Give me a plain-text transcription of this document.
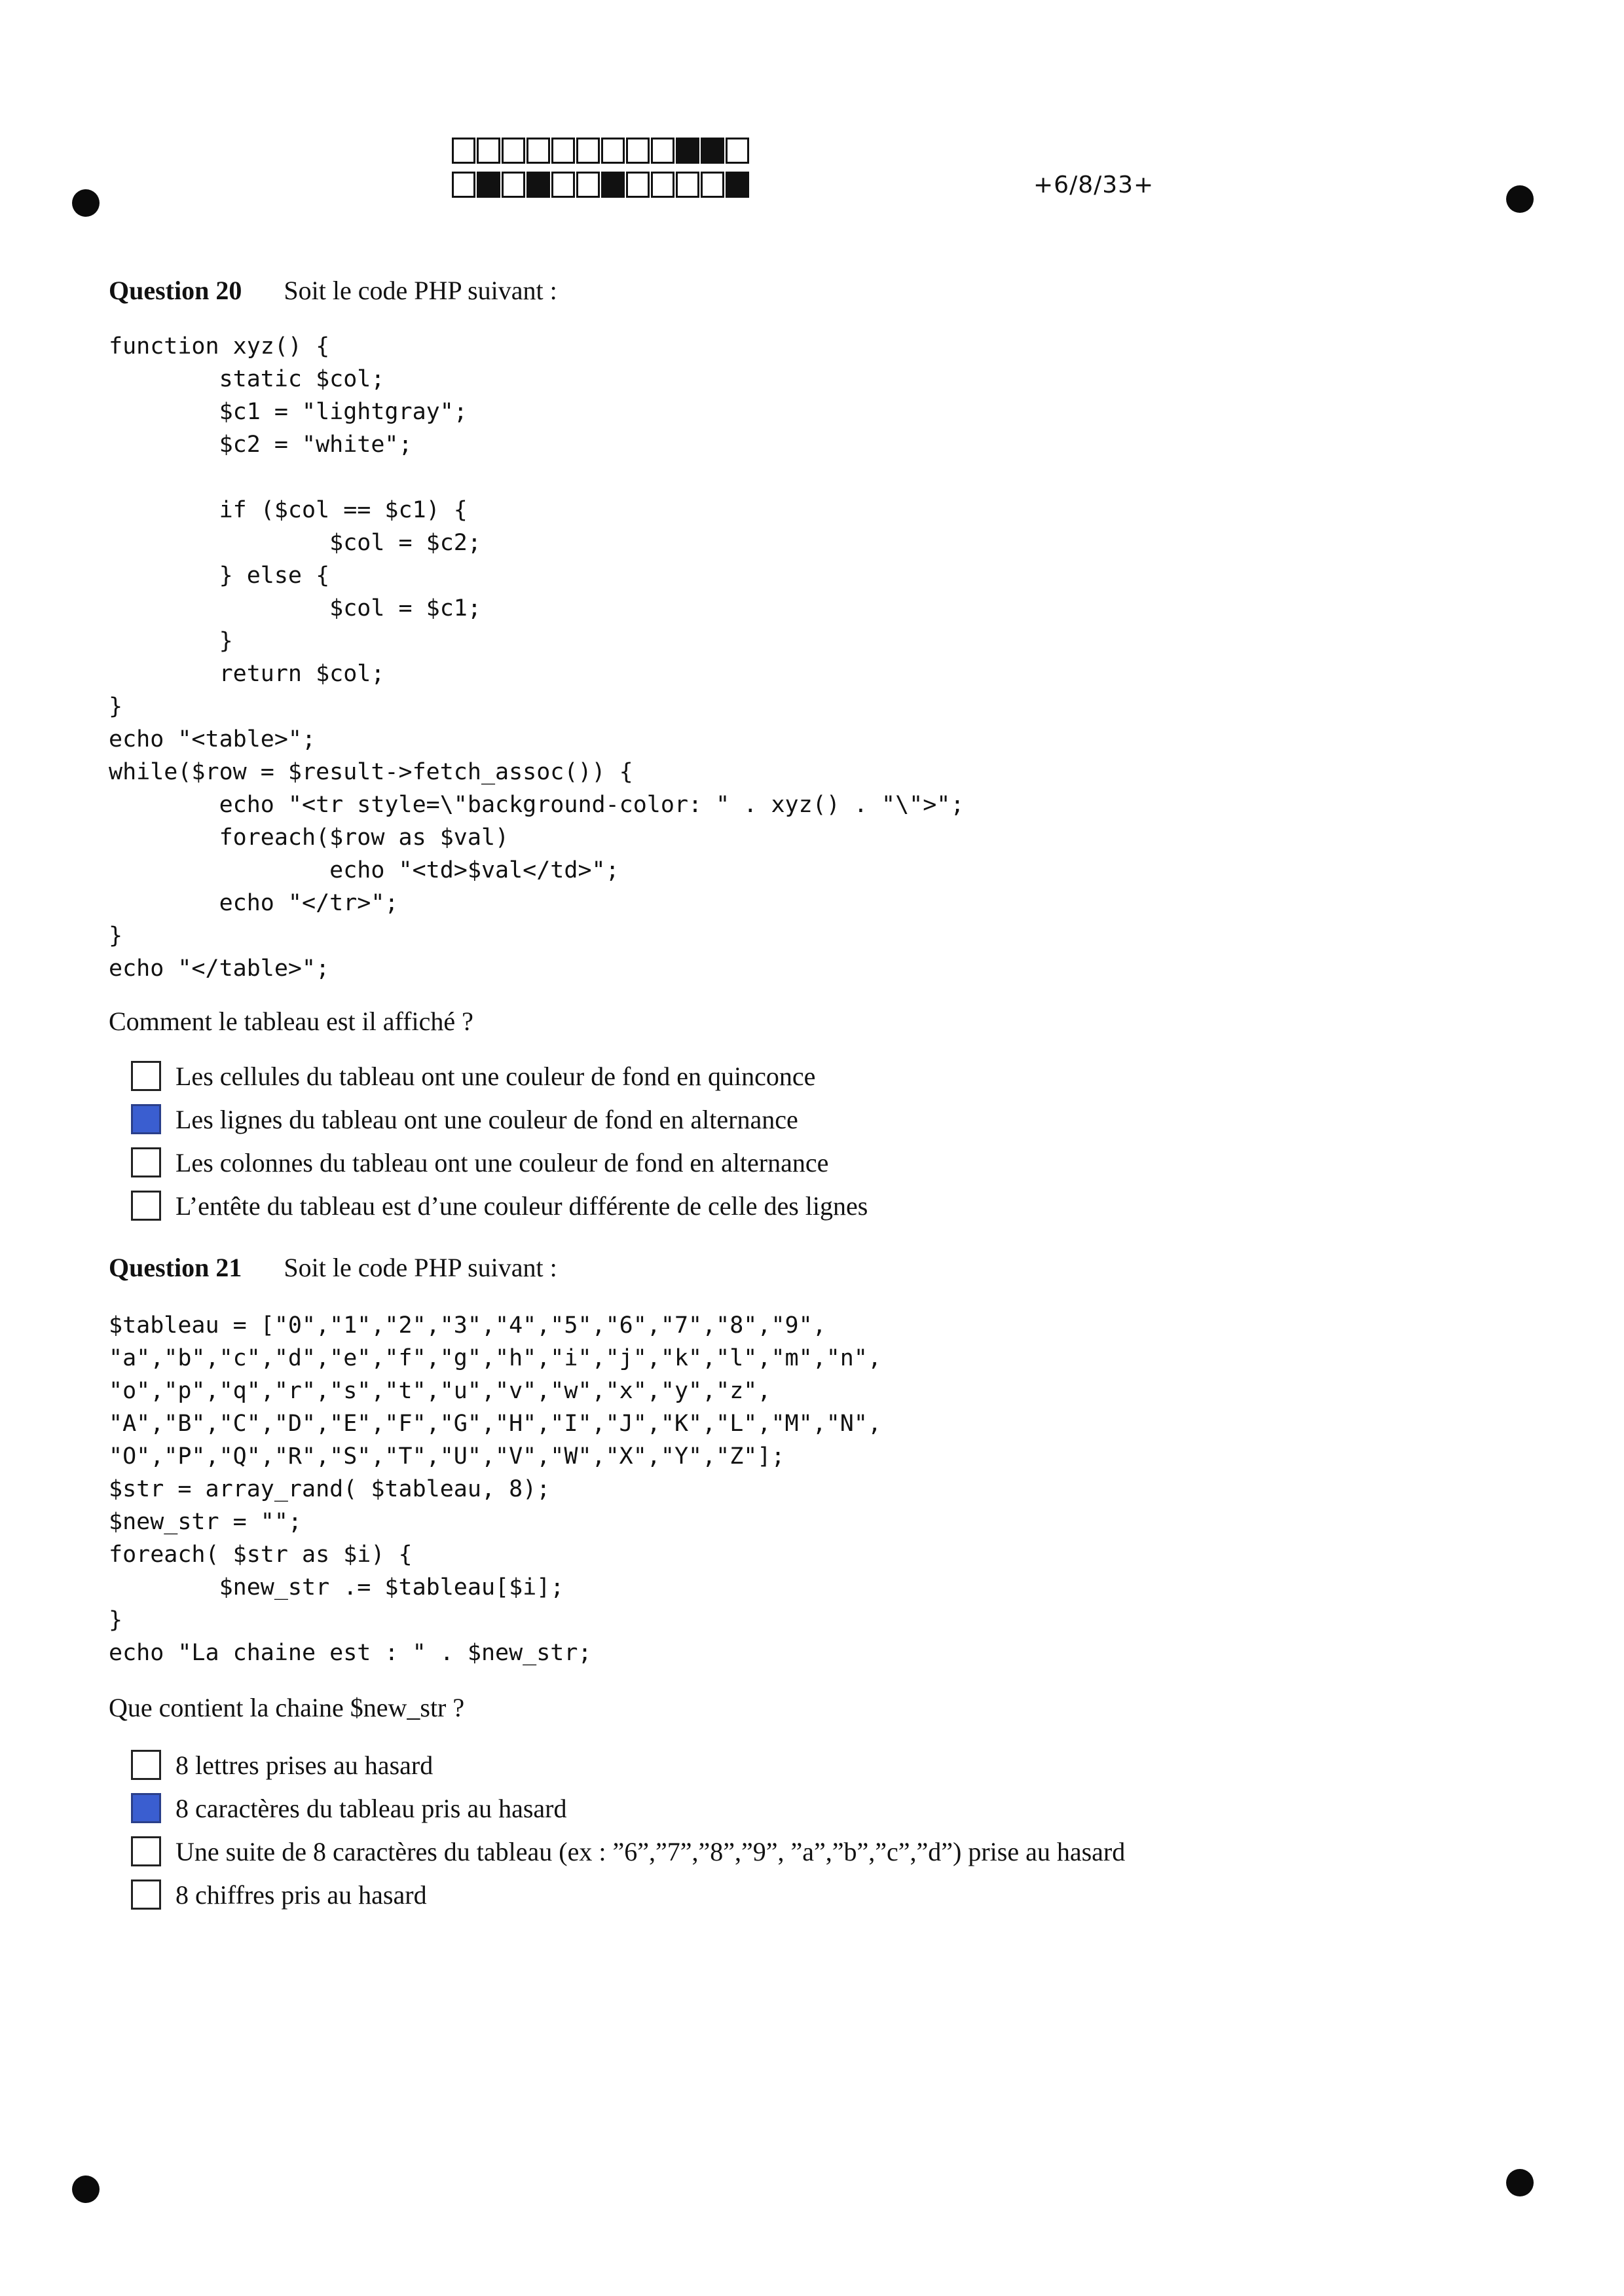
+6/8/33+
Question 20 Soit le code PHP suivant :
function xyz() {
static $col;
$c1 = "lightgray";
$c2 = "white";

if ($col == $c1) {
$col = $c2;
} else {
$col = $c1;
}
return $col;
}
echo "<table>";
while($row = $result->fetch_assoc()) {
echo "<tr style=\"background-color: " . xyz() . "\">";
foreach($row as $val)
echo "<td>$val</td>";
echo "</tr>";
}
echo "</table>";
Comment le tableau est il affiché ?
Les cellules du tableau ont une couleur de fond en quinconce
Les lignes du tableau ont une couleur de fond en alternance
Les colonnes du tableau ont une couleur de fond en alternance
L’entête du tableau est d’une couleur différente de celle des lignes
Question 21 Soit le code PHP suivant :
$tableau = ["0","1","2","3","4","5","6","7","8","9",
"a","b","c","d","e","f","g","h","i","j","k","l","m","n",
"o","p","q","r","s","t","u","v","w","x","y","z",
"A","B","C","D","E","F","G","H","I","J","K","L","M","N",
"O","P","Q","R","S","T","U","V","W","X","Y","Z"];
$str = array_rand( $tableau, 8);
$new_str = "";
foreach( $str as $i) {
$new_str .= $tableau[$i];
}
echo "La chaine est : " . $new_str;
Que contient la chaine $new_str ?
8 lettres prises au hasard
8 caractères du tableau pris au hasard
Une suite de 8 caractères du tableau (ex : ”6”,”7”,”8”,”9”, ”a”,”b”,”c”,”d”) prise au hasard
8 chiffres pris au hasard
